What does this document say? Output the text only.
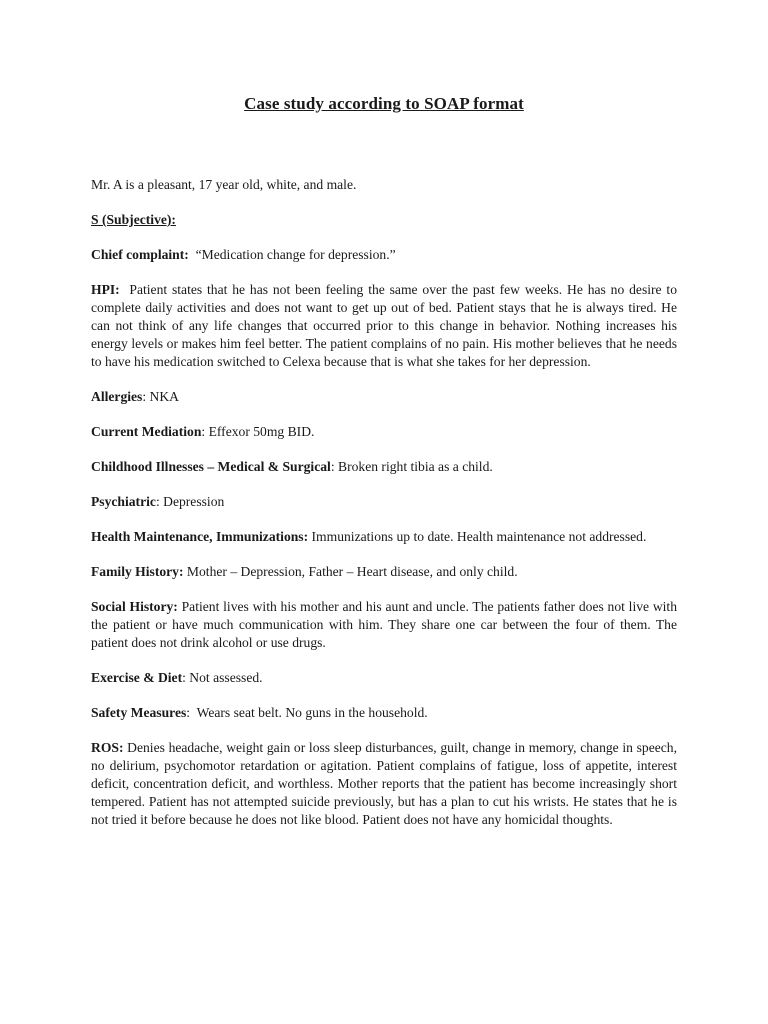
Case study according to SOAP format

Mr. A is a pleasant, 17 year old, white, and male.

S (Subjective):

Chief complaint: “Medication change for depression.”

HPI: Patient states that he has not been feeling the same over the past few weeks. He has no desire to complete daily activities and does not want to get up out of bed. Patient stays that he is always tired. He can not think of any life changes that occurred prior to this change in behavior. Nothing increases his energy levels or makes him feel better. The patient complains of no pain. His mother believes that he needs to have his medication switched to Celexa because that is what she takes for her depression.

Allergies: NKA

Current Mediation: Effexor 50mg BID.

Childhood Illnesses – Medical & Surgical: Broken right tibia as a child.

Psychiatric: Depression

Health Maintenance, Immunizations: Immunizations up to date. Health maintenance not addressed.

Family History: Mother – Depression, Father – Heart disease, and only child.

Social History: Patient lives with his mother and his aunt and uncle. The patients father does not live with the patient or have much communication with him. They share one car between the four of them. The patient does not drink alcohol or use drugs.

Exercise & Diet: Not assessed.

Safety Measures:  Wears seat belt. No guns in the household.

ROS: Denies headache, weight gain or loss sleep disturbances, guilt, change in memory, change in speech, no delirium, psychomotor retardation or agitation. Patient complains of fatigue, loss of appetite, interest deficit, concentration deficit, and worthless. Mother reports that the patient has become increasingly short tempered. Patient has not attempted suicide previously, but has a plan to cut his wrists. He states that he is not tried it before because he does not like blood. Patient does not have any homicidal thoughts.
